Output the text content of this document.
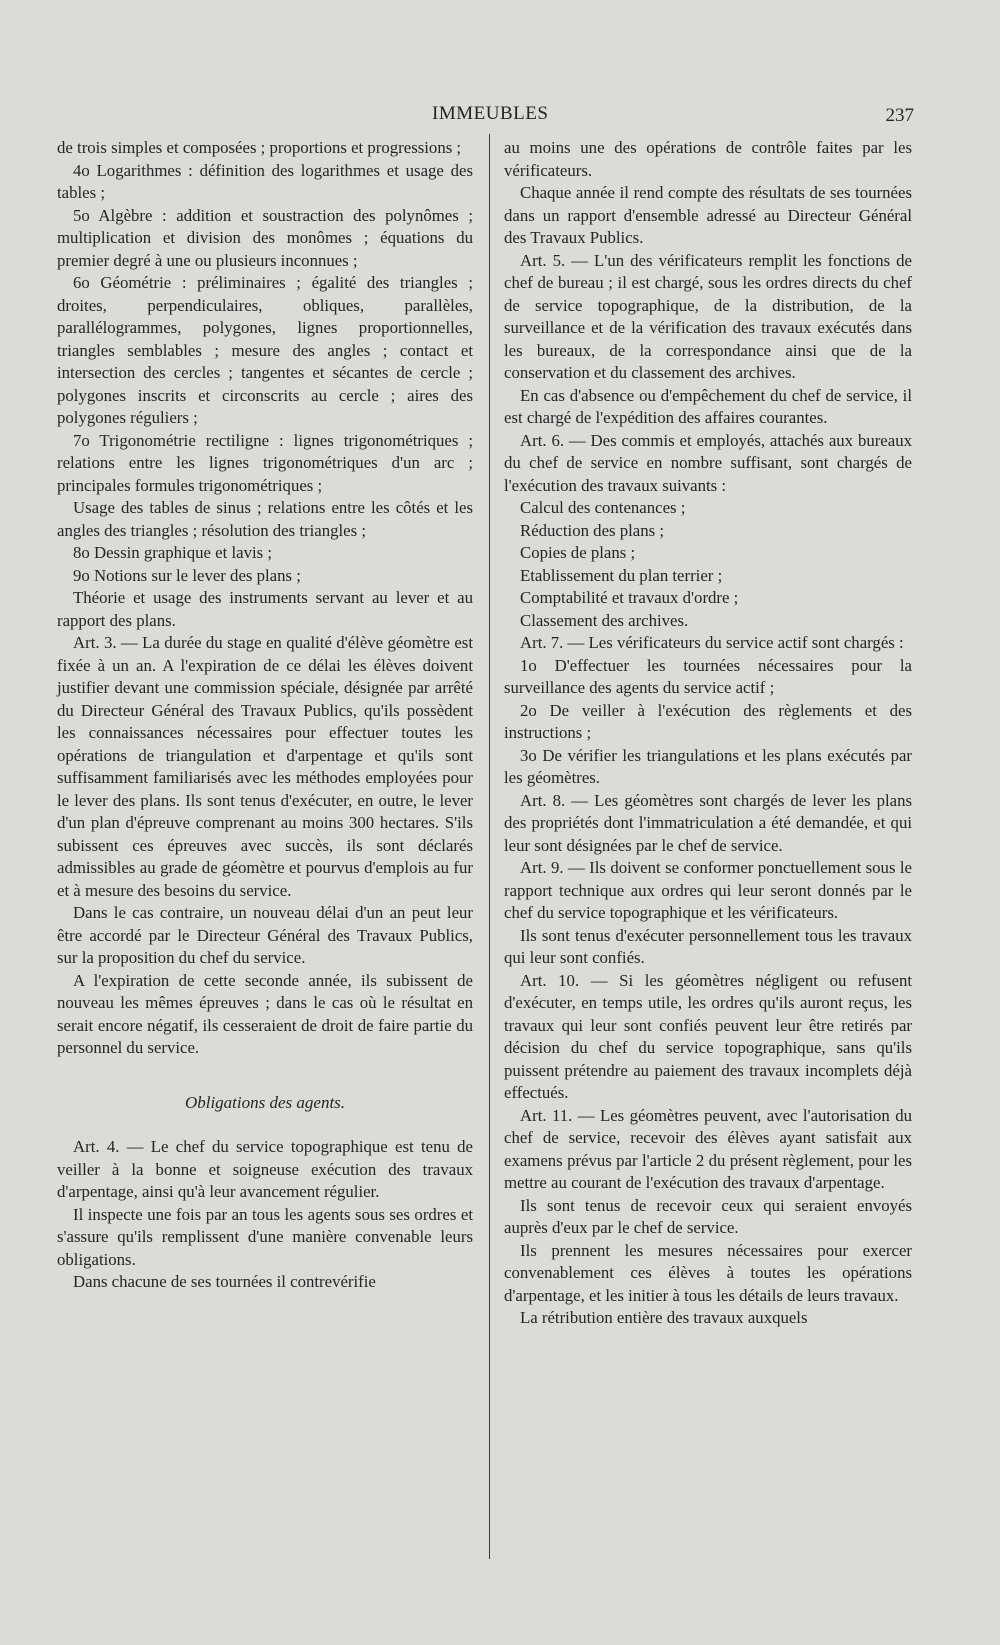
IMMEUBLES	237

de trois simples et composées ; proportions et progressions ;

4o Logarithmes : définition des logarithmes et usage des tables ;

5o Algèbre : addition et soustraction des polynômes ; multiplication et division des monômes ; équations du premier degré à une ou plusieurs inconnues ;

6o Géométrie : préliminaires ; égalité des triangles ; droites, perpendiculaires, obliques, parallèles, parallélogrammes, polygones, lignes proportionnelles, triangles semblables ; mesure des angles ; contact et intersection des cercles ; tangentes et sécantes de cercle ; polygones inscrits et circonscrits au cercle ; aires des polygones réguliers ;

7o Trigonométrie rectiligne : lignes trigonométriques ; relations entre les lignes trigonométriques d'un arc ; principales formules trigonométriques ;

Usage des tables de sinus ; relations entre les côtés et les angles des triangles ; résolution des triangles ;

8o Dessin graphique et lavis ;

9o Notions sur le lever des plans ;

Théorie et usage des instruments servant au lever et au rapport des plans.

Art. 3. — La durée du stage en qualité d'élève géomètre est fixée à un an. A l'expiration de ce délai les élèves doivent justifier devant une commission spéciale, désignée par arrêté du Directeur Général des Travaux Publics, qu'ils possèdent les connaissances nécessaires pour effectuer toutes les opérations de triangulation et d'arpentage et qu'ils sont suffisamment familiarisés avec les méthodes employées pour le lever des plans. Ils sont tenus d'exécuter, en outre, le lever d'un plan d'épreuve comprenant au moins 300 hectares. S'ils subissent ces épreuves avec succès, ils sont déclarés admissibles au grade de géomètre et pourvus d'emplois au fur et à mesure des besoins du service.

Dans le cas contraire, un nouveau délai d'un an peut leur être accordé par le Directeur Général des Travaux Publics, sur la proposition du chef du service.

A l'expiration de cette seconde année, ils subissent de nouveau les mêmes épreuves ; dans le cas où le résultat en serait encore négatif, ils cesseraient de droit de faire partie du personnel du service.

Obligations des agents.

Art. 4. — Le chef du service topographique est tenu de veiller à la bonne et soigneuse exécution des travaux d'arpentage, ainsi qu'à leur avancement régulier.

Il inspecte une fois par an tous les agents sous ses ordres et s'assure qu'ils remplissent d'une manière convenable leurs obligations.

Dans chacune de ses tournées il contrevérifie

au moins une des opérations de contrôle faites par les vérificateurs.

Chaque année il rend compte des résultats de ses tournées dans un rapport d'ensemble adressé au Directeur Général des Travaux Publics.

Art. 5. — L'un des vérificateurs remplit les fonctions de chef de bureau ; il est chargé, sous les ordres directs du chef de service topographique, de la distribution, de la surveillance et de la vérification des travaux exécutés dans les bureaux, de la correspondance ainsi que de la conservation et du classement des archives.

En cas d'absence ou d'empêchement du chef de service, il est chargé de l'expédition des affaires courantes.

Art. 6. — Des commis et employés, attachés aux bureaux du chef de service en nombre suffisant, sont chargés de l'exécution des travaux suivants :

Calcul des contenances ;

Réduction des plans ;

Copies de plans ;

Etablissement du plan terrier ;

Comptabilité et travaux d'ordre ;

Classement des archives.

Art. 7. — Les vérificateurs du service actif sont chargés :

1o D'effectuer les tournées nécessaires pour la surveillance des agents du service actif ;

2o De veiller à l'exécution des règlements et des instructions ;

3o De vérifier les triangulations et les plans exécutés par les géomètres.

Art. 8. — Les géomètres sont chargés de lever les plans des propriétés dont l'immatriculation a été demandée, et qui leur sont désignées par le chef de service.

Art. 9. — Ils doivent se conformer ponctuellement sous le rapport technique aux ordres qui leur seront donnés par le chef du service topographique et les vérificateurs.

Ils sont tenus d'exécuter personnellement tous les travaux qui leur sont confiés.

Art. 10. — Si les géomètres négligent ou refusent d'exécuter, en temps utile, les ordres qu'ils auront reçus, les travaux qui leur sont confiés peuvent leur être retirés par décision du chef du service topographique, sans qu'ils puissent prétendre au paiement des travaux incomplets déjà effectués.

Art. 11. — Les géomètres peuvent, avec l'autorisation du chef de service, recevoir des élèves ayant satisfait aux examens prévus par l'article 2 du présent règlement, pour les mettre au courant de l'exécution des travaux d'arpentage.

Ils sont tenus de recevoir ceux qui seraient envoyés auprès d'eux par le chef de service.

Ils prennent les mesures nécessaires pour exercer convenablement ces élèves à toutes les opérations d'arpentage, et les initier à tous les détails de leurs travaux.

La rétribution entière des travaux auxquels
